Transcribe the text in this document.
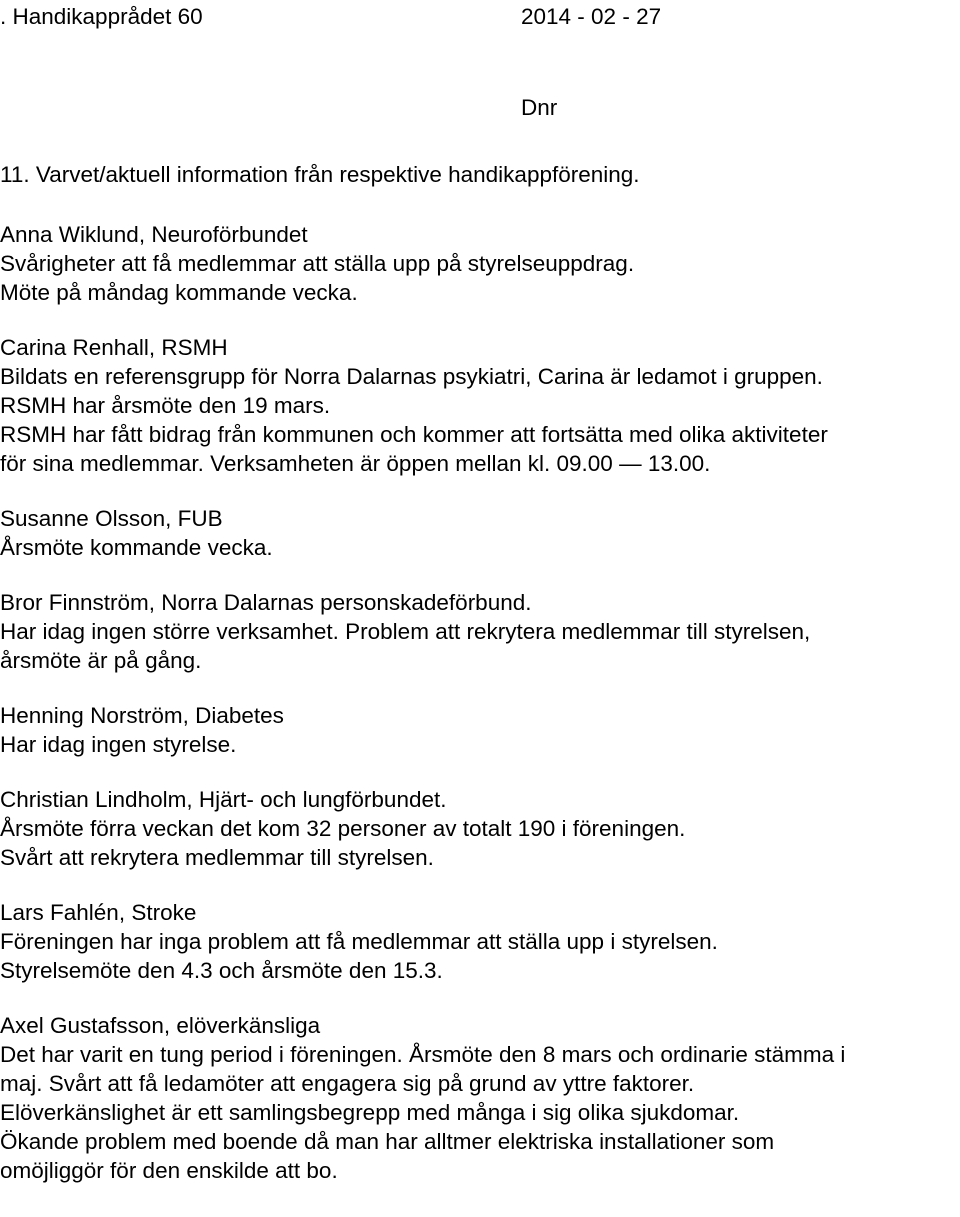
. Handikapprådet 60	2014 - 02 - 27
Dnr
11. Varvet/aktuell information från respektive handikappförening.
Anna Wiklund, Neuroförbundet
Svårigheter att få medlemmar att ställa upp på styrelseuppdrag.
Möte på måndag kommande vecka.
Carina Renhall, RSMH
Bildats en referensgrupp för Norra Dalarnas psykiatri, Carina är ledamot i gruppen.
RSMH har årsmöte den 19 mars.
RSMH har fått bidrag från kommunen och kommer att fortsätta med olika aktiviteter
för sina medlemmar. Verksamheten är öppen mellan kl. 09.00 — 13.00.
Susanne Olsson, FUB
Årsmöte kommande vecka.
Bror Finnström, Norra Dalarnas personskadeförbund.
Har idag ingen större verksamhet. Problem att rekrytera medlemmar till styrelsen,
årsmöte är på gång.
Henning Norström, Diabetes
Har idag ingen styrelse.
Christian Lindholm, Hjärt- och lungförbundet.
Årsmöte förra veckan det kom 32 personer av totalt 190 i föreningen.
Svårt att rekrytera medlemmar till styrelsen.
Lars Fahlén, Stroke
Föreningen har inga problem att få medlemmar att ställa upp i styrelsen.
Styrelsemöte den 4.3 och årsmöte den 15.3.
Axel Gustafsson, elöverkänsliga
Det har varit en tung period i föreningen. Årsmöte den 8 mars och ordinarie stämma i
maj. Svårt att få ledamöter att engagera sig på grund av yttre faktorer.
Elöverkänslighet är ett samlingsbegrepp med många i sig olika sjukdomar.
Ökande problem med boende då man har alltmer elektriska installationer som
omöjliggör för den enskilde att bo.
